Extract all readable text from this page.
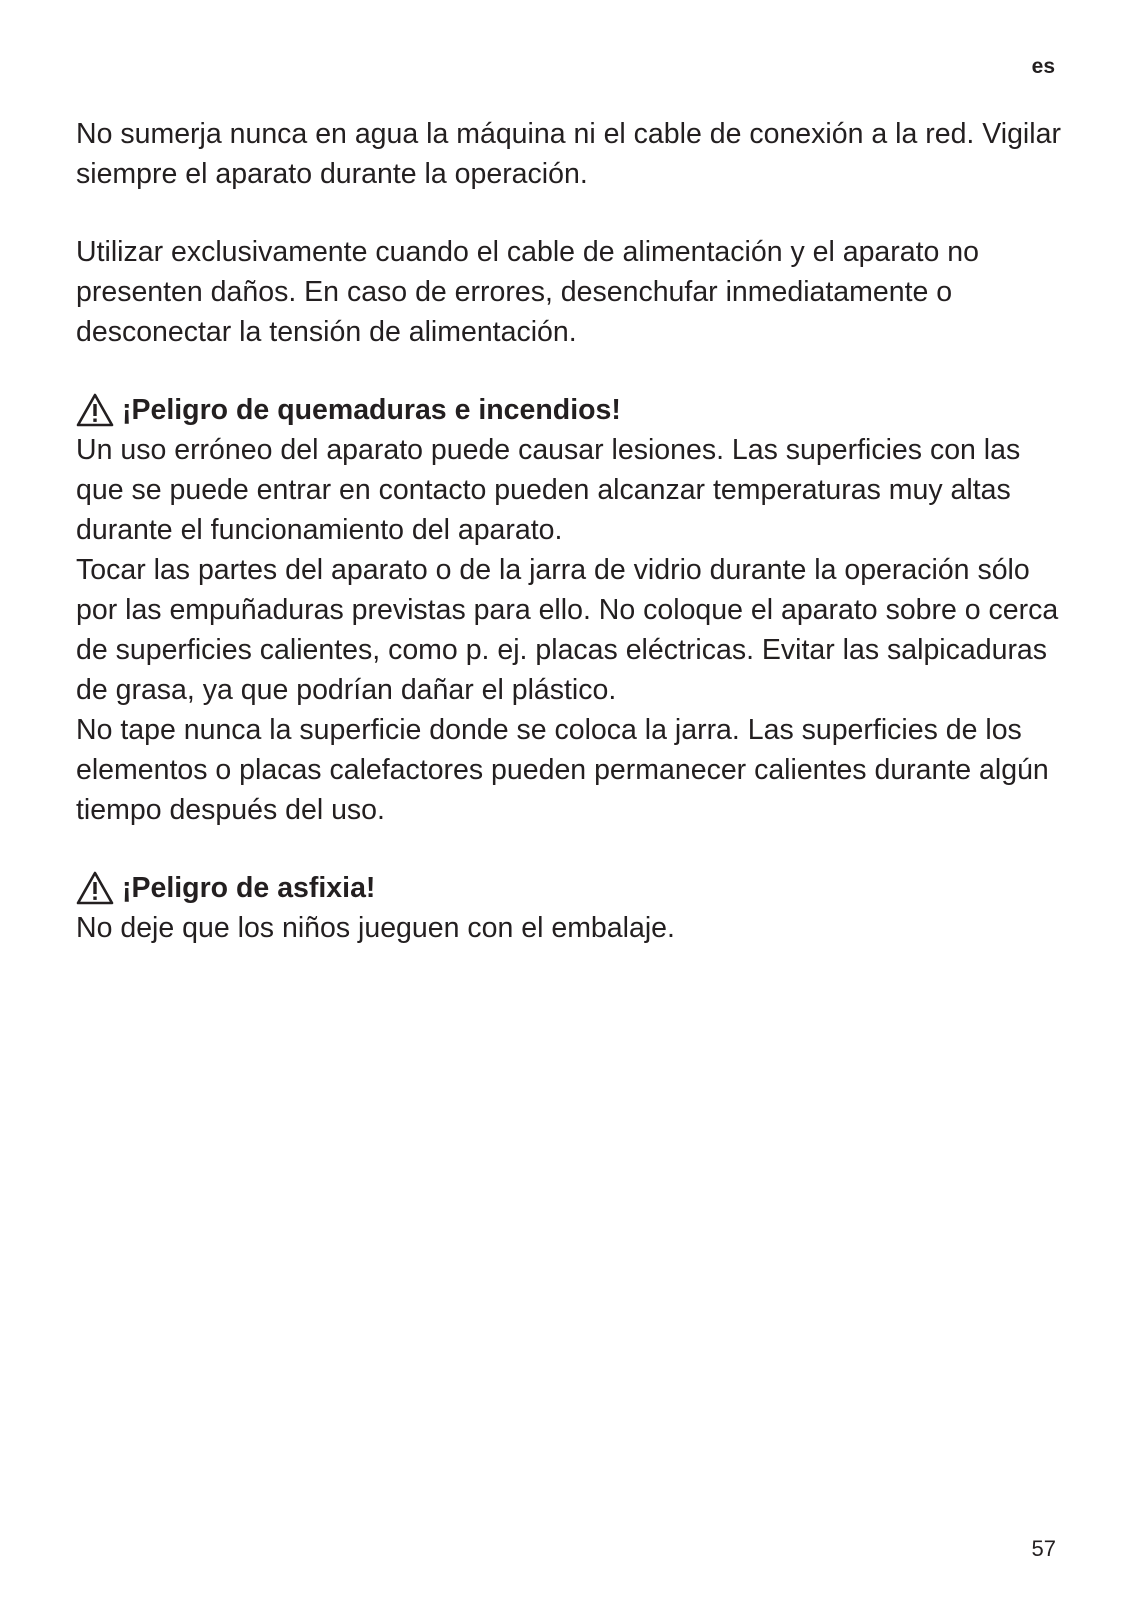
es

No sumerja nunca en agua la máquina ni el cable de conexión a la red. Vigilar siempre el aparato durante la operación.

Utilizar exclusivamente cuando el cable de alimentación y el aparato no presenten daños. En caso de errores, desenchufar inmediatamente o desconectar la tensión de alimentación.

¡Peligro de quemaduras e incendios!

Un uso erróneo del aparato puede causar lesiones. Las superficies con las que se puede entrar en contacto pueden alcanzar temperaturas muy altas durante el funcionamiento del aparato.

Tocar las partes del aparato o de la jarra de vidrio durante la operación sólo por las empuñaduras previstas para ello. No coloque el aparato sobre o cerca de superficies calientes, como p. ej. placas eléctricas. Evitar las salpicaduras de grasa, ya que podrían dañar el plástico.

No tape nunca la superficie donde se coloca la jarra. Las superficies de los elementos o placas calefactores pueden permanecer calientes durante algún tiempo después del uso.

¡Peligro de asfixia!

No deje que los niños jueguen con el embalaje.

57
